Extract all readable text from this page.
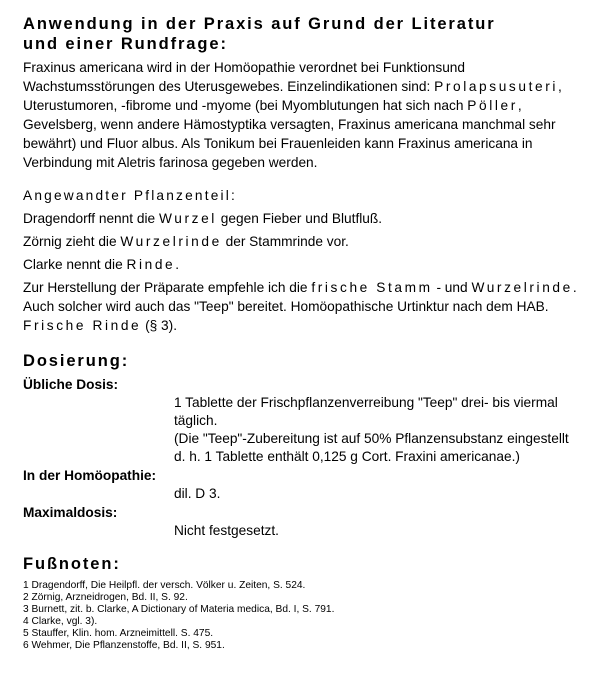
Anwendung in der Praxis auf Grund der Literatur
und einer Rundfrage:

Fraxinus americana wird in der Homöopathie verordnet bei Funktionsund Wachstumsstörungen des Uterusgewebes. Einzelindikationen sind: Prolapsusuteri, Uterustumoren, -fibrome und -myome (bei Myomblutungen hat sich nach Pöller, Gevelsberg, wenn andere Hämostyptika versagten, Fraxinus americana manchmal sehr bewährt) und Fluor albus. Als Tonikum bei Frauenleiden kann Fraxinus americana in Verbindung mit Aletris farinosa gegeben werden.

Angewandter Pflanzenteil:

Dragendorff nennt die Wurzel gegen Fieber und Blutfluß.

Zörnig zieht die Wurzelrinde der Stammrinde vor.

Clarke nennt die Rinde.

Zur Herstellung der Präparate empfehle ich die frische Stamm - und Wurzelrinde. Auch solcher wird auch das "Teep" bereitet. Homöopathische Urtinktur nach dem HAB. Frische Rinde (§ 3).

Dosierung:
Übliche Dosis:
1 Tablette der Frischpflanzenverreibung "Teep" drei- bis viermal täglich.
(Die "Teep"-Zubereitung ist auf 50% Pflanzensubstanz eingestellt d. h. 1 Tablette enthält 0,125 g Cort. Fraxini americanae.)
In der Homöopathie:
dil. D 3.
Maximaldosis:
Nicht festgesetzt.
Fußnoten:
1 Dragendorff, Die Heilpfl. der versch. Völker u. Zeiten, S. 524.
2 Zörnig, Arzneidrogen, Bd. II, S. 92.
3 Burnett, zit. b. Clarke, A Dictionary of Materia medica, Bd. I, S. 791.
4 Clarke, vgl. 3).
5 Stauffer, Klin. hom. Arzneimittell. S. 475.
6 Wehmer, Die Pflanzenstoffe, Bd. II, S. 951.
